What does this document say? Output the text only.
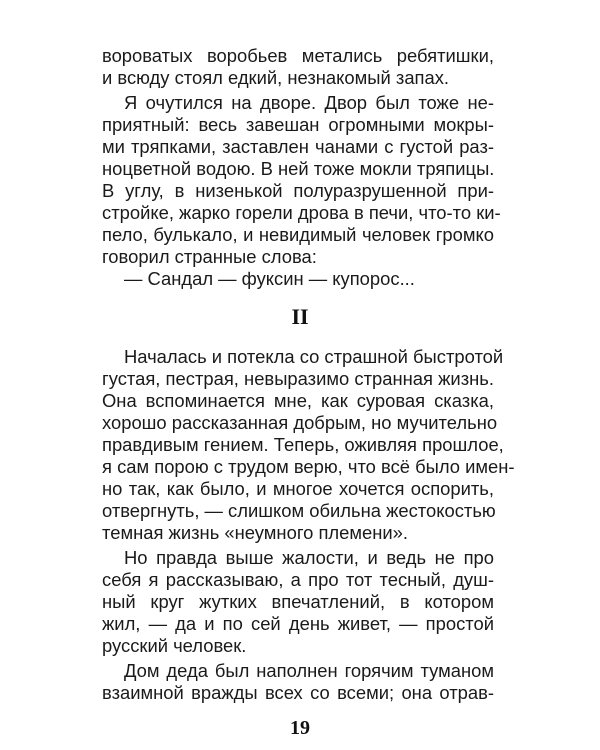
вороватых воробьев метались ребятишки,

и всюду стоял едкий, незнакомый запах.

Я очутился на дворе. Двор был тоже не-

приятный: весь завешан огромными мокры-

ми тряпками, заставлен чанами с густой раз-

ноцветной водою. В ней тоже мокли тряпицы.

В углу, в низенькой полуразрушенной при-

стройке, жарко горели дрова в печи, что-то ки-

пело, булькало, и невидимый человек громко

говорил странные слова:

— Сандал — фуксин — купорос...

II

Началась и потекла со страшной быстротой

густая, пестрая, невыразимо странная жизнь.

Она вспоминается мне, как суровая сказка,

хорошо рассказанная добрым, но мучительно

правдивым гением. Теперь, оживляя прошлое,

я сам порою с трудом верю, что всё было имен-

но так, как было, и многое хочется оспорить,

отвергнуть, — слишком обильна жестокостью

темная жизнь «неумного племени».

Но правда выше жалости, и ведь не про

себя я рассказываю, а про тот тесный, душ-

ный круг жутких впечатлений, в котором

жил, — да и по сей день живет, — простой

русский человек.

Дом деда был наполнен горячим туманом

взаимной вражды всех со всеми; она отрав-

19
